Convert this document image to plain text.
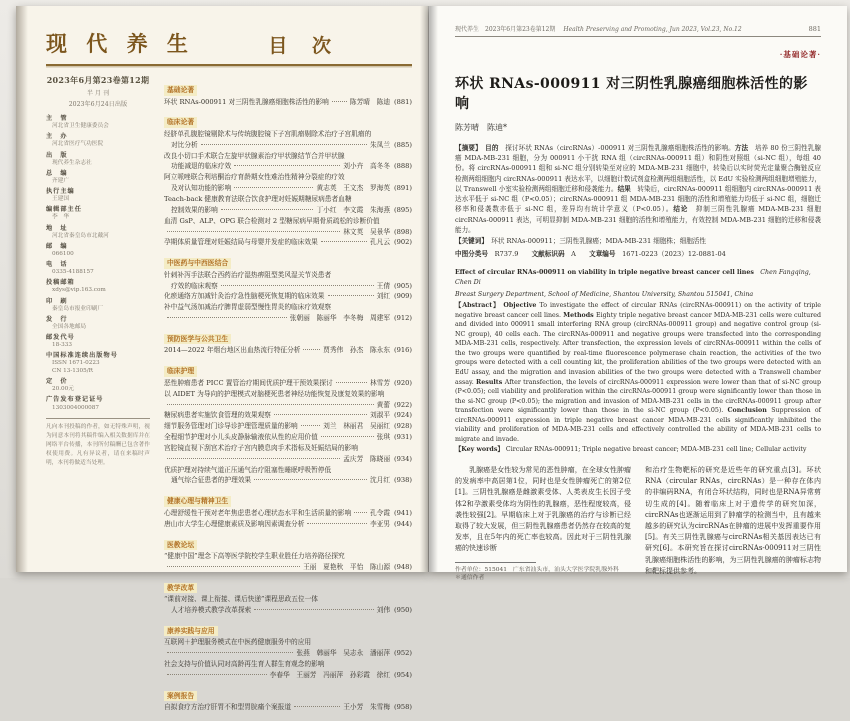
现 代 养 生	目 次
2023年6月第23卷第12期
半 月 刊
2023年6月24日出版
主　管
河北省卫生健康委员会
主　办
河北省医疗气功医院
出　版
现代养生杂志社
总　编
齐建广
执行主编
王建国
编辑部主任
李　华
地　址
河北省秦皇岛市北戴河
邮　编
066100
电　话
0335-4188157
投稿邮箱
xdys@vip.163.com
印　刷
秦皇岛市报业印刷厂
发　行
全国各地邮局
邮发代号
18-333
中国标准连续出版物号
ISSN 1671-0223
CN 13-1305/R
定　价
20.00元
广告发布登记证号
1303004000087
凡向本刊投稿的作者，如无特殊声明，视为同意本刊将其稿件编入相关数据库并在网络平台传播，本刊所付稿酬已包含著作权使用费。凡有异议者，请在来稿时声明，本刊将做适当处理。
基础论著
环状 RNAs-000911 对三阴性乳腺癌细胞株活性的影响	陈芳晴　陈迪 (881)
临床论著
经脐单孔腹腔镜剔除术与传统腹腔镜下子宫肌瘤剔除术治疗子宫肌瘤的
对比分析	朱凤兰 (885)
改良小切口手术联合左旋甲状腺素治疗甲状腺结节合并甲状腺
功能减退的临床疗效	刘小卉　高冬冬 (888)
阿立哌唑联合利培酮治疗育龄期女性难治性精神分裂症的疗效
及对认知功能的影响	黄志英　王文杰　罗海英 (891)
Teach-back 健康教育法联合饮食护理对妊娠期糖尿病患者血糖
控制效果的影响	丁小红　李文霞　朱海燕 (895)
血清 GsP、ALP、OPG 联合检测对 2 型糖尿病早期骨质疏松的诊断价值
林文英　吴景华 (898)
孕期体质量管理对妊娠结局与母婴并发症的临床效果	孔凡云 (902)
中医药与中西医结合
针刺补泻手法联合西药治疗湿热痹阻型类风湿关节炎患者
疗效的临床观察	王倩 (905)
化瘀通络方加减针灸治疗急性脑梗死恢复期的临床效果	刘红 (909)
补中益气汤加减治疗脾胃虚弱型慢性胃炎的临床疗效观察
张朝丽　陈丽华　李冬梅　周建军 (912)
预防医学与公共卫生
2014—2022 年烟台地区出血热流行特征分析	贾秀伟　孙杰　陈永东 (916)
临床护理
恶性肿瘤患者 PICC 置管治疗期间优质护理干预效果探讨	林雪芳 (920)
以 AIDET 为导向的护理模式对脑梗死患者神经功能恢复及康复效果的影响
黄蕾 (922)
糖尿病患者实施饮食管理的效果观察	刘淑平 (924)
细节服务管理对门诊导诊护理管理质量的影响	刘兰　林丽君　吴丽红 (928)
全程细节护理对小儿头皮静脉输液依从性的应用价值	张琪 (931)
宫腔镜直视下刮宫术治疗子宫内膜息肉手术指标及妊娠结局的影响
孟庆芳　陈晓丽 (934)
优质护理对持续气道正压通气治疗阻塞性睡眠呼吸暂停低
通气综合征患者的护理效果	沈月红 (938)
健康心理与精神卫生
心理舒缓性干预对老年焦虑患者心理状态水平和生活质量的影响	孔令霞 (941)
唐山市大学生心理健康素质及影响因素调查分析	李亚男 (944)
医教论坛
“健康中国”理念下高等医学院校学生职业胜任力培养路径探究
王丽　夏艳秋　平怡　陈山源 (948)
教学改革
“课前对接、课上衔接、课后快递”课程思政五位一体
人才培养模式教学改革探索	刘伟 (950)
康养实践与应用
互联网＋护理服务模式在中医药健康服务中的应用
张燕　韩丽华　吴志永　潘丽萍 (952)
社会支持与价值认同对高龄再生育人群生育观念的影响
李春华　王丽芳　冯丽萍　孙彩霞　徐红 (954)
案例报告
自拟食疗方治疗肝胃不和型胃脘痛个案报道	王小芳　朱雪梅 (958)
现代养生　2023年6月第23卷第12期 Health Preserving and Promoting, Jun 2023, Vol.23, No.12	881
·基础论著·
环状 RNAs-000911 对三阴性乳腺癌细胞株活性的影响
陈芳晴　陈迪*
【摘要】　目的　探讨环状 RNAs（circRNAs）-000911 对三阴性乳腺癌细胞株活性的影响。方法　培养 80 份三阴性乳腺癌 MDA-MB-231 细胞，分为 000911 小干扰 RNA 组（circRNAs-000911 组）和阴性对照组（si-NC 组），每组 40 份。将 circRNAs-000911 组和 si-NC 组分别转染至对应的 MDA-MB-231 细胞中，转染后以实时荧光定量聚合酶链反应检测两组细胞内 circRNAs-000911 表达水平，以细胞计数试剂盒检测两组细胞活性，以 EdU 实验检测两组细胞增殖能力，以 Transwell 小室实验检测两组细胞迁移和侵袭能力。结果　转染后，circRNAs-000911 组细胞内 circRNAs-000911 表达水平低于 si-NC 组（P<0.05）；circRNAs-000911 组 MDA-MB-231 细胞的活性和增殖能力均低于 si-NC 组，细胞迁移率和侵袭数亦低于 si-NC 组，差异均有统计学意义（P<0.05）。结论　抑制三阴性乳腺癌 MDA-MB-231 细胞 circRNAs-000911 表达，可明显抑制 MDA-MB-231 细胞的活性和增殖能力，有效控制 MDA-MB-231 细胞的迁移和侵袭能力。
【关键词】　环状 RNAs-000911；三阴性乳腺癌；MDA-MB-231 细胞株；细胞活性
中图分类号　R737.9　　文献标识码　A　　文章编号　1671-0223（2023）12-0881-04
Effect of circular RNAs-000911 on viability in triple negative breast cancer cell lines　Chen Fangqing, Chen Di
Breast Surgery Department, School of Medicine, Shantou University, Shantou 515041, China
【Abstract】 Objective To investigate the effect of circular RNAs (circRNAs-000911) on the activity of triple negative breast cancer cell lines. Methods Eighty triple negative breast cancer MDA-MB-231 cells were cultured and divided into 000911 small interfering RNA group (circRNAs-000911 group) and negative control group (si-NC group), 40 cells each. The circRNAs-000911 and negative groups were transfected into the corresponding MDA-MB-231 cells, respectively. After transfection, the expression levels of circRNAs-000911 within the cells of the two groups were quantified by real-time fluorescence polymerase chain reaction, the activities of the two groups were detected with a cell counting kit, the proliferation abilities of the two groups were detected with an EdU assay, and the migration and invasion abilities of the two groups were detected with a Transwell chamber assay. Results After transfection, the levels of circRNAs-000911 expression were lower than that of si-NC group (P<0.05); cell viability and proliferation within the circRNAs-000911 group were significantly lower than those in the si-NC group (P<0.05); the migration and invasion of MDA-MB-231 cells in the circRNAs-000911 group after transfection were significantly lower than those in the si-NC group (P<0.05). Conclusion Suppression of circRNAs-000911 expression in triple negative breast cancer MDA-MB-231 cells significantly inhibited the viability and proliferation of MDA-MB-231 cells and effectively controlled the ability of MDA-MB-231 cells to migrate and invade.
【Key words】 Circular RNAs-000911; Triple negative breast cancer; MDA-MB-231 cell line; Cellular activity
　　乳腺癌是女性较为常见的恶性肿瘤，在全球女性肿瘤的发病率中高居第1位，同时也是女性肿瘤死亡的第2位[1]。三阴性乳腺癌是雌激素受体、人类表皮生长因子受体2和孕激素受体均为阴性的乳腺癌，恶性程度较高，侵袭性较强[2]。早期临床上对于乳腺癌的治疗与诊断已经取得了较大发展，但三阴性乳腺癌患者仍然存在较高的复发率，且在5年内的死亡率也较高。因此对于三阴性乳腺癌的快速诊断
作者单位：515041　广东省汕头市，汕头大学医学院乳腺外科
＊通信作者
和治疗生物靶标的研究是近些年的研究重点[3]。环状RNA（circular RNAs，circRNAs）是一种存在体内的非编码RNA，有闭合环状结构，同时也是RNA异常剪切生成的[4]。随着临床上对于遗传学的研究加深，circRNAs也逐渐运用到了肿瘤学的检测当中，且有越来越多的研究认为circRNAs在肿瘤的进展中发挥重要作用[5]。有关三阴性乳腺癌与circRNAs相关基因表达已有研究[6]。本研究旨在探讨circRNAs-000911对三阴性乳腺癌细胞株活性的影响，为三阴性乳腺癌的肿瘤标志物和靶标提供参考。
